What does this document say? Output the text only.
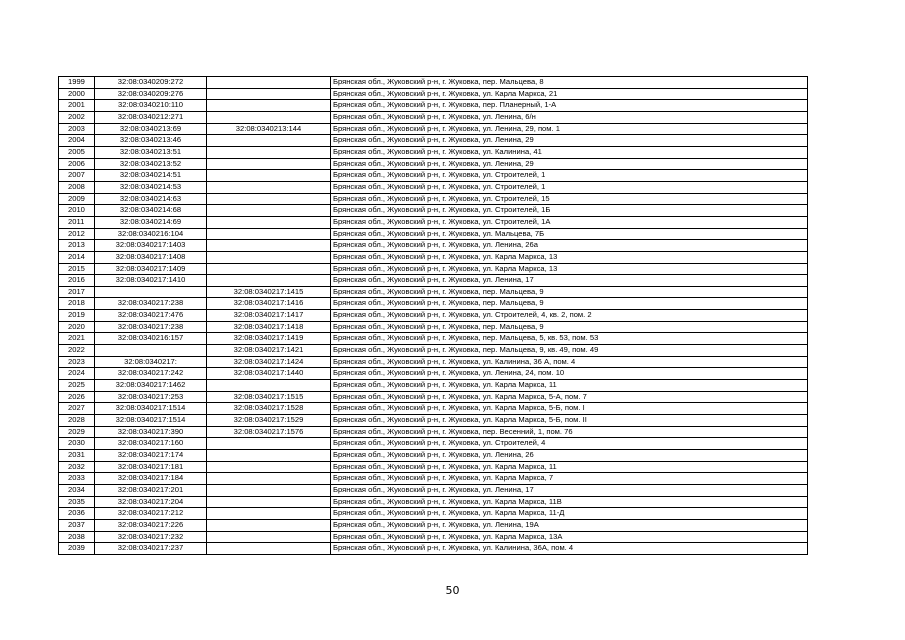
1999	32:08:0340209:272		Брянская обл., Жуковский р-н, г. Жуковка, пер. Мальцева, 8
2000	32:08:0340209:276		Брянская обл., Жуковский р-н, г. Жуковка, ул. Карла Маркса, 21
2001	32:08:0340210:110		Брянская обл., Жуковский р-н, г. Жуковка, пер. Планерный, 1-А
2002	32:08:0340212:271		Брянская обл., Жуковский р-н, г. Жуковка, ул. Ленина, 6/н
2003	32:08:0340213:69	32:08:0340213:144	Брянская обл., Жуковский р-н, г. Жуковка, ул. Ленина, 29, пом. 1
2004	32:08:0340213:46		Брянская обл., Жуковский р-н, г. Жуковка, ул. Ленина, 29
2005	32:08:0340213:51		Брянская обл., Жуковский р-н, г. Жуковка, ул. Калинина, 41
2006	32:08:0340213:52		Брянская обл., Жуковский р-н, г. Жуковка, ул. Ленина, 29
2007	32:08:0340214:51		Брянская обл., Жуковский р-н, г. Жуковка, ул. Строителей, 1
2008	32:08:0340214:53		Брянская обл., Жуковский р-н, г. Жуковка, ул. Строителей, 1
2009	32:08:0340214:63		Брянская обл., Жуковский р-н, г. Жуковка, ул. Строителей, 15
2010	32:08:0340214:68		Брянская обл., Жуковский р-н, г. Жуковка, ул. Строителей, 1Б
2011	32:08:0340214:69		Брянская обл., Жуковский р-н, г. Жуковка, ул. Строителей, 1А
2012	32:08:0340216:104		Брянская обл., Жуковский р-н, г. Жуковка, ул. Мальцева, 7Б
2013	32:08:0340217:1403		Брянская обл., Жуковский р-н, г. Жуковка, ул. Ленина, 26а
2014	32:08:0340217:1408		Брянская обл., Жуковский р-н, г. Жуковка, ул. Карла Маркса, 13
2015	32:08:0340217:1409		Брянская обл., Жуковский р-н, г. Жуковка, ул. Карла Маркса, 13
2016	32:08:0340217:1410		Брянская обл., Жуковский р-н, г. Жуковка, ул. Ленина, 17
2017		32:08:0340217:1415	Брянская обл., Жуковский р-н, г. Жуковка, пер. Мальцева, 9
2018	32:08:0340217:238	32:08:0340217:1416	Брянская обл., Жуковский р-н, г. Жуковка, пер. Мальцева, 9
2019	32:08:0340217:476	32:08:0340217:1417	Брянская обл., Жуковский р-н, г. Жуковка, ул. Строителей, 4, кв. 2, пом. 2
2020	32:08:0340217:238	32:08:0340217:1418	Брянская обл., Жуковский р-н, г. Жуковка, пер. Мальцева, 9
2021	32:08:0340216:157	32:08:0340217:1419	Брянская обл., Жуковский р-н, г. Жуковка, пер. Мальцева, 5, кв. 53, пом. 53
2022		32:08:0340217:1421	Брянская обл., Жуковский р-н, г. Жуковка, пер. Мальцева, 9, кв. 49, пом. 49
2023	32:08:0340217:	32:08:0340217:1424	Брянская обл., Жуковский р-н, г. Жуковка, ул. Калинина, 36 А, пом. 4
2024	32:08:0340217:242	32:08:0340217:1440	Брянская обл., Жуковский р-н, г. Жуковка, ул. Ленина, 24, пом. 10
2025	32:08:0340217:1462		Брянская обл., Жуковский р-н, г. Жуковка, ул. Карла Маркса, 11
2026	32:08:0340217:253	32:08:0340217:1515	Брянская обл., Жуковский р-н, г. Жуковка, ул. Карла Маркса, 5-А, пом. 7
2027	32:08:0340217:1514	32:08:0340217:1528	Брянская обл., Жуковский р-н, г. Жуковка, ул. Карла Маркса, 5-Б, пом. I
2028	32:08:0340217:1514	32:08:0340217:1529	Брянская обл., Жуковский р-н, г. Жуковка, ул. Карла Маркса, 5-Б, пом. II
2029	32:08:0340217:390	32:08:0340217:1576	Брянская обл., Жуковский р-н, г. Жуковка, пер. Весенний, 1, пом. 76
2030	32:08:0340217:160		Брянская обл., Жуковский р-н, г. Жуковка, ул. Строителей, 4
2031	32:08:0340217:174		Брянская обл., Жуковский р-н, г. Жуковка, ул. Ленина, 26
2032	32:08:0340217:181		Брянская обл., Жуковский р-н, г. Жуковка, ул. Карла Маркса, 11
2033	32:08:0340217:184		Брянская обл., Жуковский р-н, г. Жуковка, ул. Карла Маркса, 7
2034	32:08:0340217:201		Брянская обл., Жуковский р-н, г. Жуковка, ул. Ленина, 17
2035	32:08:0340217:204		Брянская обл., Жуковский р-н, г. Жуковка, ул. Карла Маркса, 11В
2036	32:08:0340217:212		Брянская обл., Жуковский р-н, г. Жуковка, ул. Карла Маркса, 11-Д
2037	32:08:0340217:226		Брянская обл., Жуковский р-н, г. Жуковка, ул. Ленина, 19А
2038	32:08:0340217:232		Брянская обл., Жуковский р-н, г. Жуковка, ул. Карла Маркса, 13А
2039	32:08:0340217:237		Брянская обл., Жуковский р-н, г. Жуковка, ул. Калинина, 36А, пом. 4
50
